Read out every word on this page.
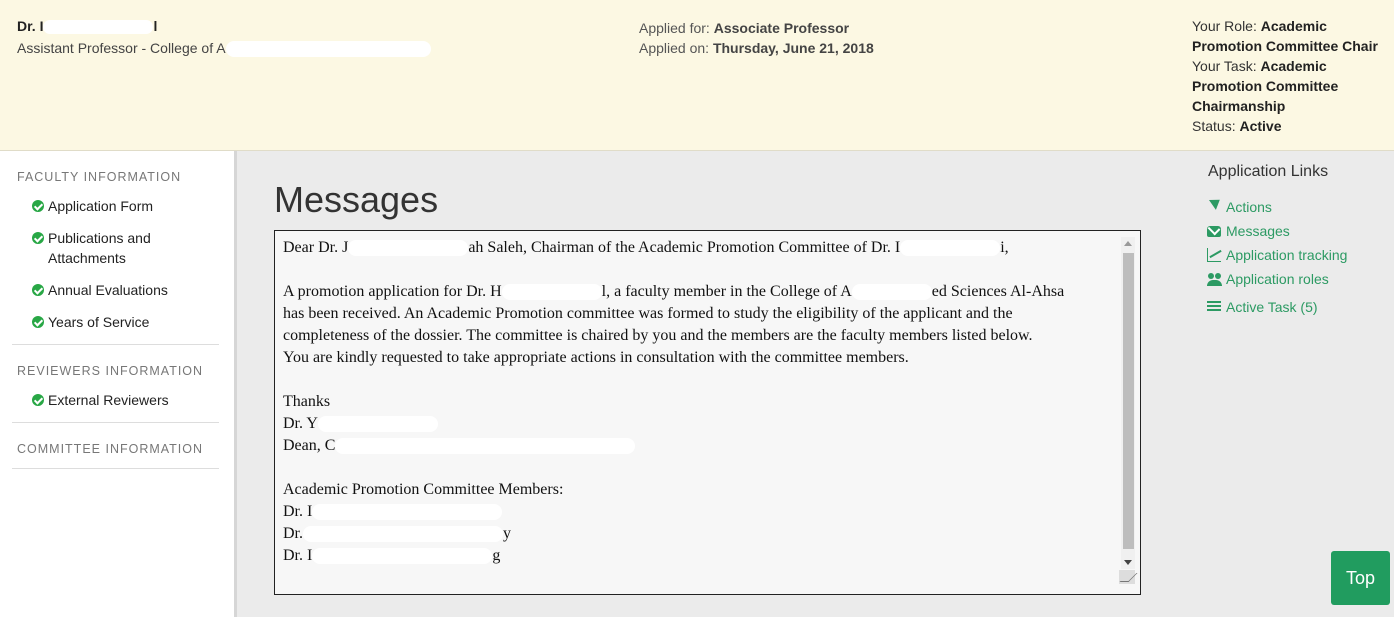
Dr. I	l
Assistant Professor - College of A
Applied for: Associate Professor
Applied on: Thursday, June 21, 2018
Your Role: Academic Promotion Committee Chair
Your Task: Academic Promotion Committee Chairmanship
Status: Active
FACULTY INFORMATION
Application Form
Publications and Attachments
Annual Evaluations
Years of Service
REVIEWERS INFORMATION
External Reviewers
COMMITTEE INFORMATION
Messages

Dear Dr. J	ah Saleh, Chairman of the Academic Promotion Committee of Dr. I	i,

A promotion application for Dr. H	l, a faculty member in the College of A	ed Sciences Al-Ahsa
has been received. An Academic Promotion committee was formed to study the eligibility of the applicant and the
completeness of the dossier. The committee is chaired by you and the members are the faculty members listed below.
You are kindly requested to take appropriate actions in consultation with the committee members.

Thanks
Dr. Y
Dean, C

Academic Promotion Committee Members:
Dr. I
Dr.	y
Dr. I	g

Application Links
Actions
Messages
Application tracking
Application roles
Active Task (5)
Top
